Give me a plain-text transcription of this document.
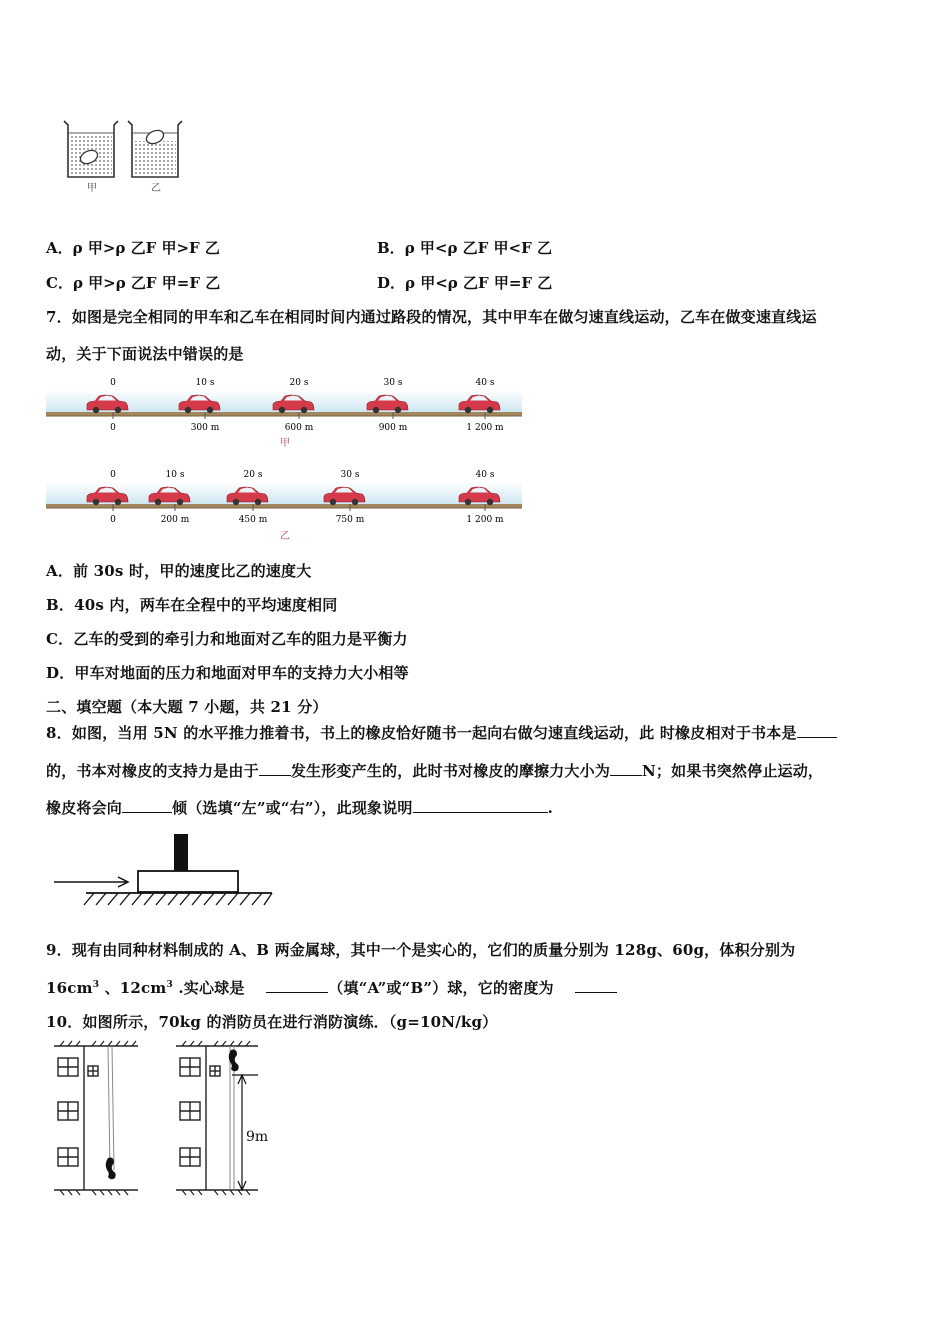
甲	乙
A．ρ 甲>ρ 乙F 甲>F 乙	B．ρ 甲<ρ 乙F 甲<F 乙
C．ρ 甲>ρ 乙F 甲=F 乙	D．ρ 甲<ρ 乙F 甲=F 乙
7．如图是完全相同的甲车和乙车在相同时间内通过路段的情况，其中甲车在做匀速直线运动，乙车在做变速直线运
动，关于下面说法中错误的是
0
0
10 s
300 m
20 s
600 m
30 s
900 m
40 s
1 200 m
0
0
10 s
200 m
20 s
450 m
30 s
750 m
40 s
1 200 m
甲
乙
A．前 30s 时，甲的速度比乙的速度大
B．40s 内，两车在全程中的平均速度相同
C．乙车的受到的牵引力和地面对乙车的阻力是平衡力
D．甲车对地面的压力和地面对甲车的支持力大小相等
二、填空题（本大题 7 小题，共 21 分）
8．如图，当用 5N 的水平推力推着书，书上的橡皮恰好随书一起向右做匀速直线运动，此 时橡皮相对于书本是
的，书本对橡皮的支持力是由于 发生形变产生的，此时书对橡皮的摩擦力大小为 N；如果书突然停止运动，
橡皮将会向	倾（选填“左”或“右”），此现象说明	.
9．现有由同种材料制成的 A、B 两金属球，其中一个是实心的，它们的质量分别为 128g、60g，体积分别为
$16cm^3$ 、$12cm^3$ .实心球是	（填“A”或“B”）球，它的密度为
10．如图所示，70kg 的消防员在进行消防演练．（g=10N/kg）
9m
